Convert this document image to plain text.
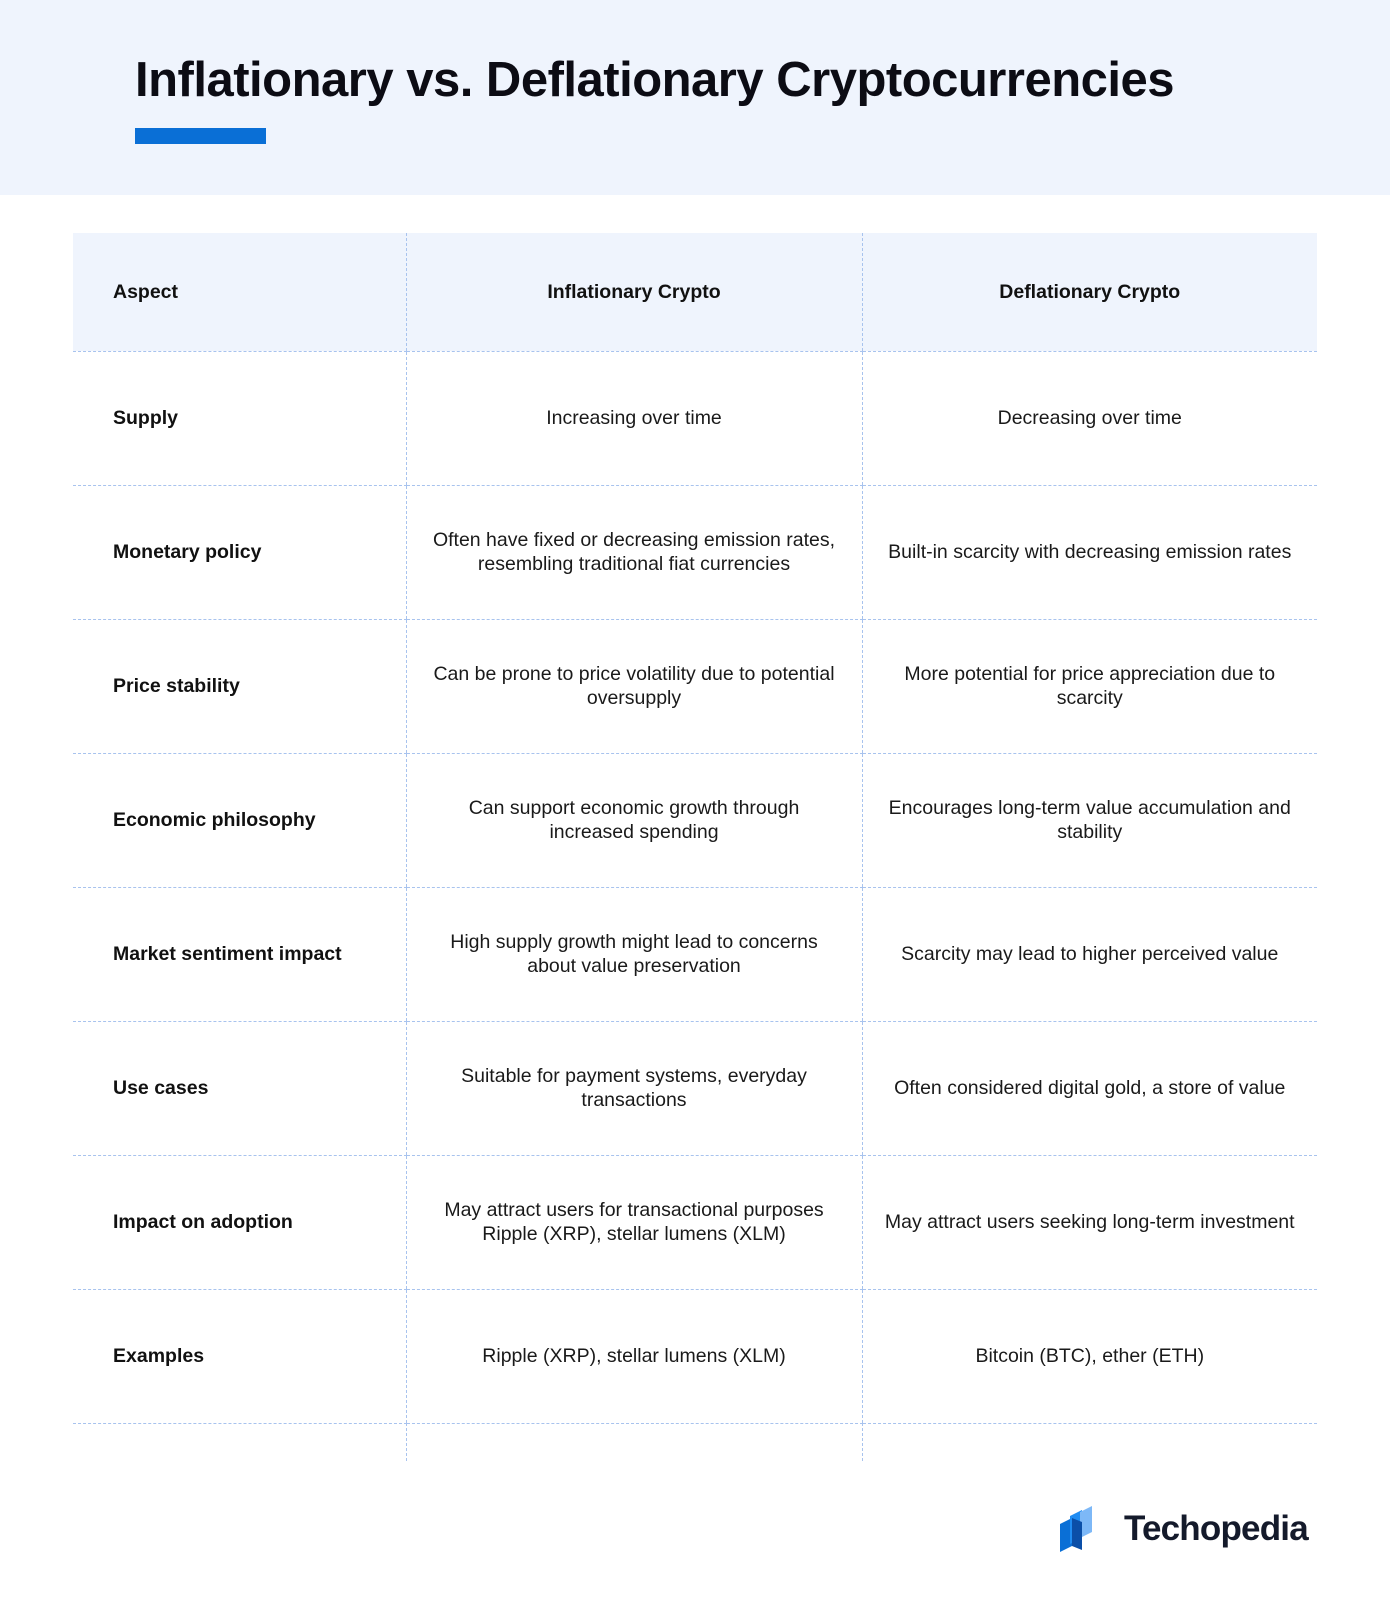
Inflationary vs. Deflationary Cryptocurrencies
Aspect	Inflationary Crypto	Deflationary Crypto
Supply	Increasing over time	Decreasing over time
Monetary policy	Often have fixed or decreasing emission rates, resembling traditional fiat currencies	Built-in scarcity with decreasing emission rates
Price stability	Can be prone to price volatility due to potential oversupply	More potential for price appreciation due to scarcity
Economic philosophy	Can support economic growth through increased spending	Encourages long-term value accumulation and stability
Market sentiment impact	High supply growth might lead to concerns about value preservation	Scarcity may lead to higher perceived value
Use cases	Suitable for payment systems, everyday transactions	Often considered digital gold, a store of value
Impact on adoption	May attract users for transactional purposes Ripple (XRP), stellar lumens (XLM)	May attract users seeking long-term investment
Examples	Ripple (XRP), stellar lumens (XLM)	Bitcoin (BTC), ether (ETH)
Techopedia
